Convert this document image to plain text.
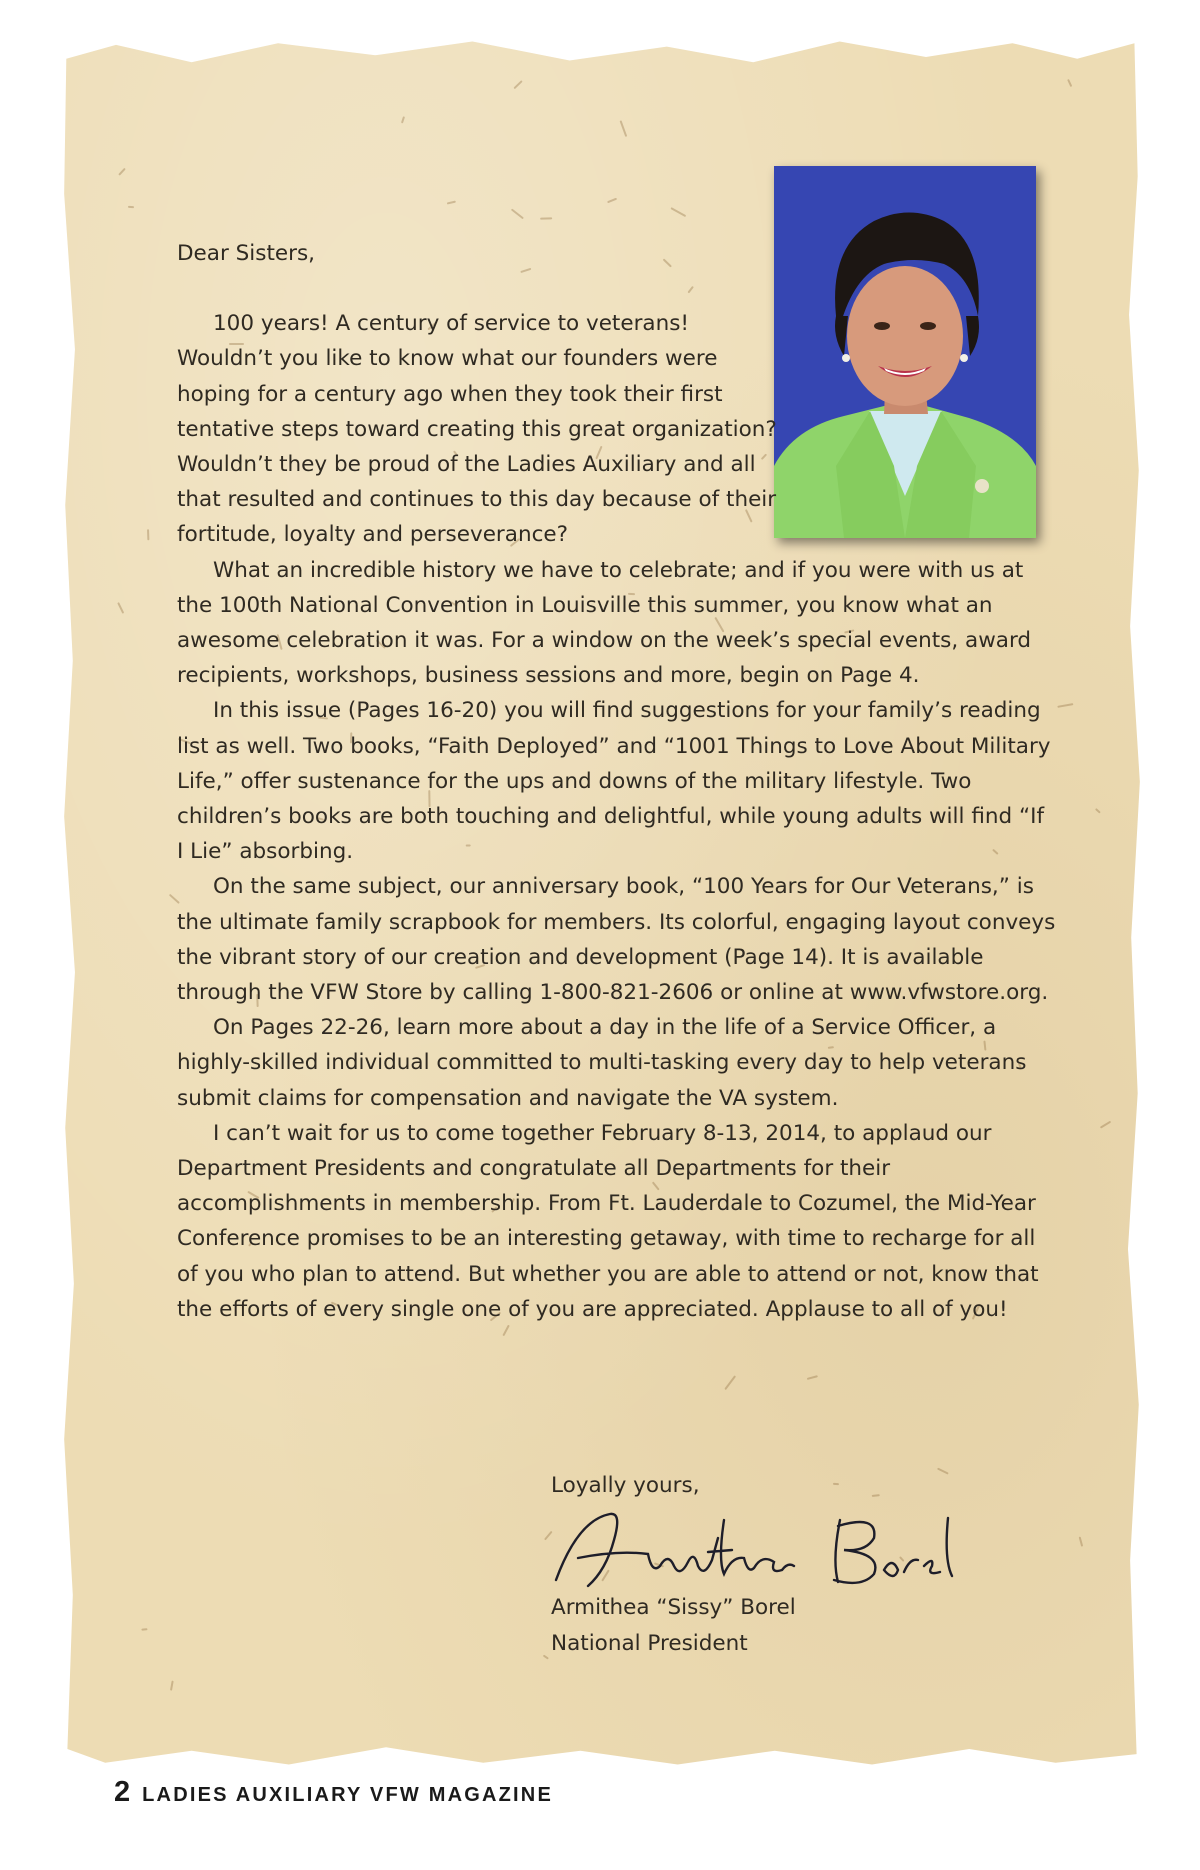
Dear Sisters,

100 years! A century of service to veterans! Wouldn’t you like to know what our founders were hoping for a century ago when they took their first tentative steps toward creating this great organization? Wouldn’t they be proud of the Ladies Auxiliary and all that resulted and continues to this day because of their fortitude, loyalty and perseverance?

What an incredible history we have to celebrate; and if you were with us at the 100th National Convention in Louisville this summer, you know what an awesome celebration it was. For a window on the week’s special events, award recipients, workshops, business sessions and more, begin on Page 4.

In this issue (Pages 16-20) you will find suggestions for your family’s reading list as well. Two books, “Faith Deployed” and “1001 Things to Love About Military Life,” offer sustenance for the ups and downs of the military lifestyle. Two children’s books are both touching and delightful, while young adults will find “If I Lie” absorbing.

On the same subject, our anniversary book, “100 Years for Our Veterans,” is the ultimate family scrapbook for members. Its colorful, engaging layout conveys the vibrant story of our creation and development (Page 14). It is available through the VFW Store by calling 1-800-821-2606 or online at www.vfwstore.org.

On Pages 22-26, learn more about a day in the life of a Service Officer, a highly-skilled individual committed to multi-tasking every day to help veterans submit claims for compensation and navigate the VA system.

I can’t wait for us to come together February 8-13, 2014, to applaud our Department Presidents and congratulate all Departments for their accomplishments in membership. From Ft. Lauderdale to Cozumel, the Mid-Year Conference promises to be an interesting getaway, with time to recharge for all of you who plan to attend. But whether you are able to attend or not, know that the efforts of every single one of you are appreciated. Applause to all of you!

Loyally yours,
Armithea “Sissy” Borel
National President
2 LADIES AUXILIARY VFW MAGAZINE
